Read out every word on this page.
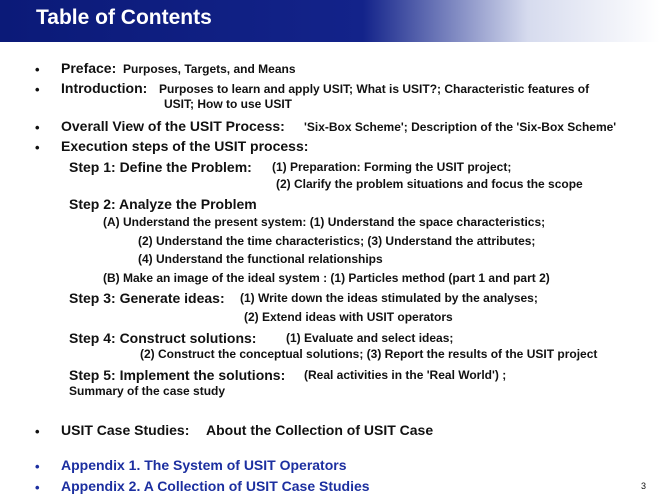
Table of Contents
• Preface: Purposes, Targets, and Means
• Introduction: Purposes to learn and apply USIT; What is USIT?; Characteristic features of
USIT; How to use USIT
• Overall View of the USIT Process: 'Six-Box Scheme'; Description of the 'Six-Box Scheme'
• Execution steps of the USIT process:
Step 1: Define the Problem: (1) Preparation: Forming the USIT project;
(2) Clarify the problem situations and focus the scope
Step 2: Analyze the Problem
(A) Understand the present system: (1) Understand the space characteristics;
(2) Understand the time characteristics; (3) Understand the attributes;
(4) Understand the functional relationships
(B) Make an image of the ideal system : (1) Particles method (part 1 and part 2)
Step 3: Generate ideas: (1) Write down the ideas stimulated by the analyses;
(2) Extend ideas with USIT operators
Step 4: Construct solutions: (1) Evaluate and select ideas;
(2) Construct the conceptual solutions; (3) Report the results of the USIT project
Step 5: Implement the solutions: (Real activities in the 'Real World') ;
Summary of the case study
• USIT Case Studies: About the Collection of USIT Case
• Appendix 1. The System of USIT Operators
• Appendix 2. A Collection of USIT Case Studies	3
